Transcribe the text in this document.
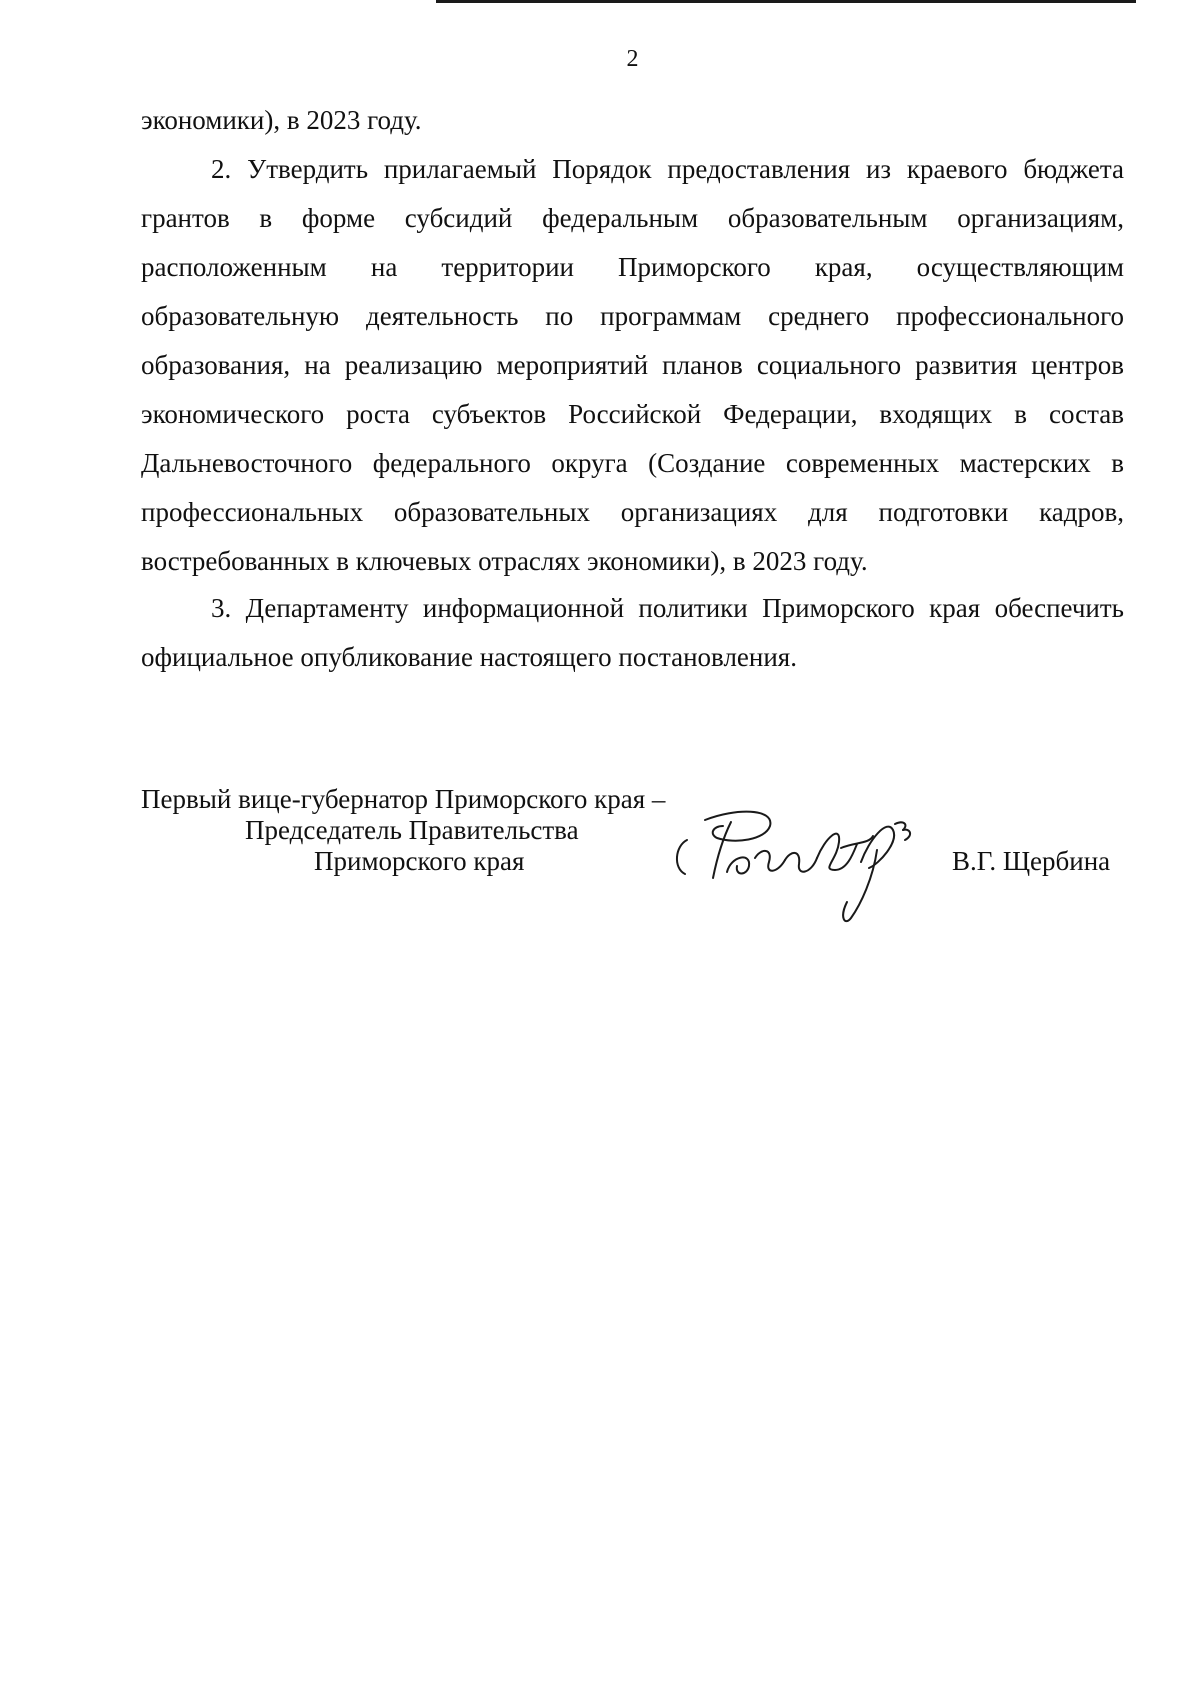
2
экономики), в 2023 году.

2. Утвердить прилагаемый Порядок предоставления из краевого бюджета грантов в форме субсидий федеральным образовательным организациям, расположенным на территории Приморского края, осуществляющим образовательную деятельность по программам среднего профессионального образования, на реализацию мероприятий планов социального развития центров экономического роста субъектов Российской Федерации, входящих в состав Дальневосточного федерального округа (Создание современных мастерских в профессиональных образовательных организациях для подготовки кадров, востребованных в ключевых отраслях экономики), в 2023 году.

3. Департаменту информационной политики Приморского края обеспечить официальное опубликование настоящего постановления.

Первый вице-губернатор Приморского края –
Председатель Правительства
Приморского края	В.Г. Щербина
